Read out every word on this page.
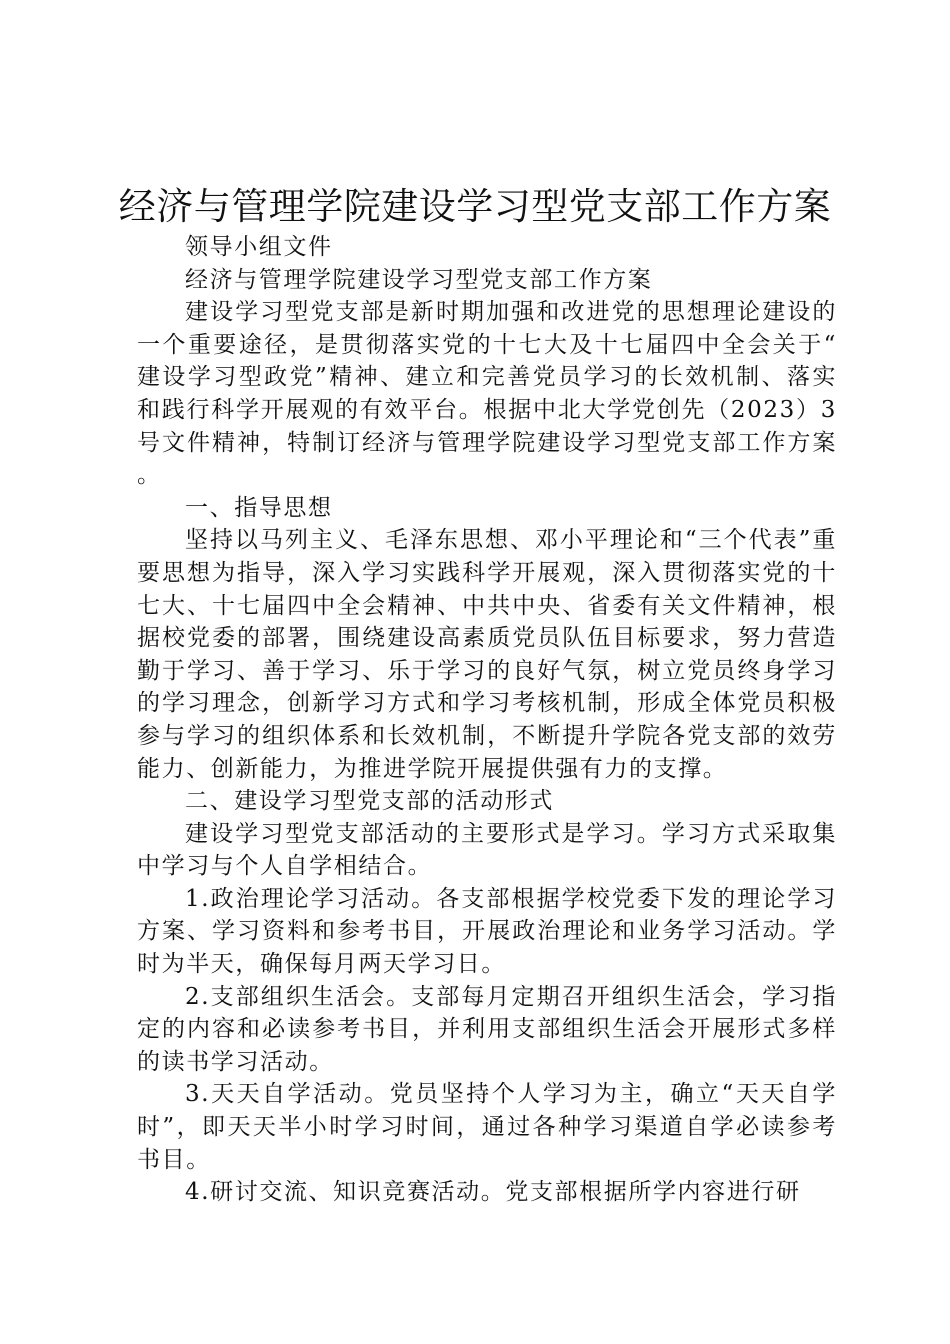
经济与管理学院建设学习型党支部工作方案

领导小组文件

经济与管理学院建设学习型党支部工作方案

建设学习型党支部是新时期加强和改进党的思想理论建设的一个重要途径，是贯彻落实党的十七大及十七届四中全会关于“建设学习型政党”精神、建立和完善党员学习的长效机制、落实和践行科学开展观的有效平台。根据中北大学党创先（2023）3号文件精神，特制订经济与管理学院建设学习型党支部工作方案。

一、指导思想

坚持以马列主义、毛泽东思想、邓小平理论和“三个代表”重要思想为指导，深入学习实践科学开展观，深入贯彻落实党的十七大、十七届四中全会精神、中共中央、省委有关文件精神，根据校党委的部署，围绕建设高素质党员队伍目标要求，努力营造勤于学习、善于学习、乐于学习的良好气氛，树立党员终身学习的学习理念，创新学习方式和学习考核机制，形成全体党员积极参与学习的组织体系和长效机制，不断提升学院各党支部的效劳能力、创新能力，为推进学院开展提供强有力的支撑。

二、建设学习型党支部的活动形式

建设学习型党支部活动的主要形式是学习。学习方式采取集中学习与个人自学相结合。

1.政治理论学习活动。各支部根据学校党委下发的理论学习方案、学习资料和参考书目，开展政治理论和业务学习活动。学时为半天，确保每月两天学习日。

2.支部组织生活会。支部每月定期召开组织生活会，学习指定的内容和必读参考书目，并利用支部组织生活会开展形式多样的读书学习活动。

3.天天自学活动。党员坚持个人学习为主，确立“天天自学时”，即天天半小时学习时间，通过各种学习渠道自学必读参考书目。

4.研讨交流、知识竞赛活动。党支部根据所学内容进行研
